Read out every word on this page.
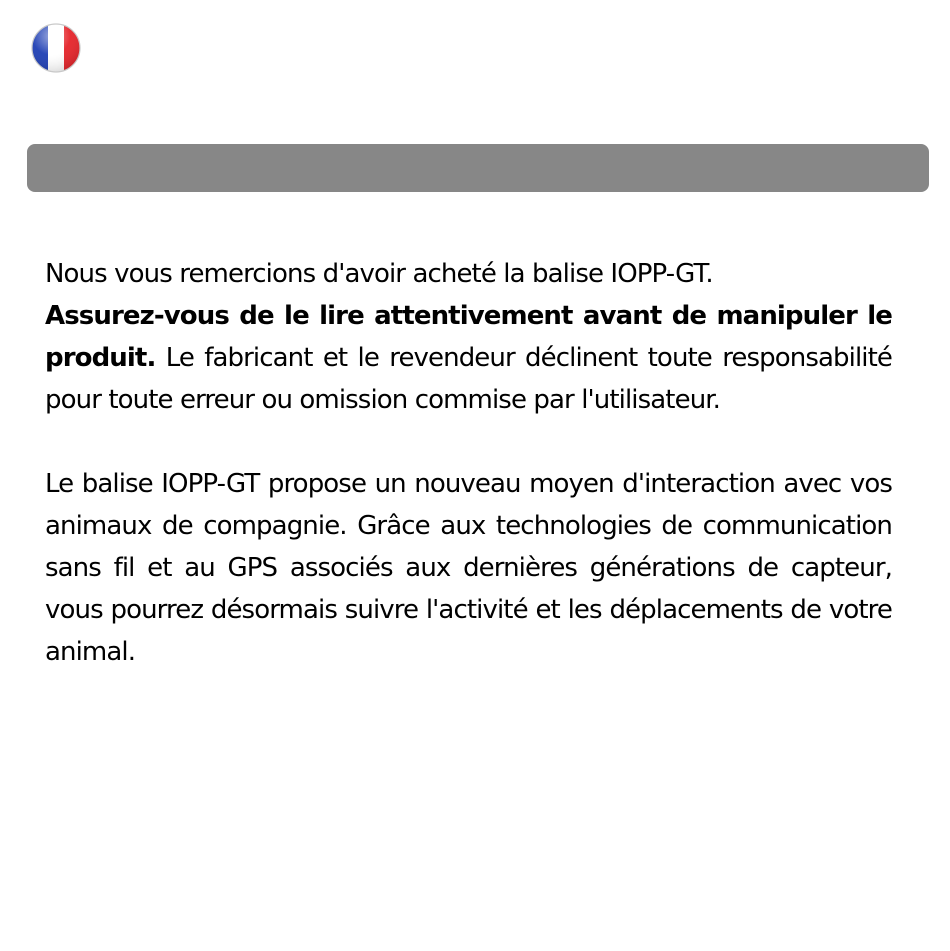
Nous vous remercions d'avoir acheté la balise IOPP-GT.
Assurez-vous de le lire attentivement avant de manipuler le produit. Le fabricant et le revendeur déclinent toute responsabilité pour toute erreur ou omission commise par l'utilisateur.

Le balise IOPP-GT propose un nouveau moyen d'interaction avec vos animaux de compagnie. Grâce aux technologies de communication sans fil et au GPS associés aux dernières générations de capteur, vous pourrez désormais suivre l'activité et les déplacements de votre animal.
